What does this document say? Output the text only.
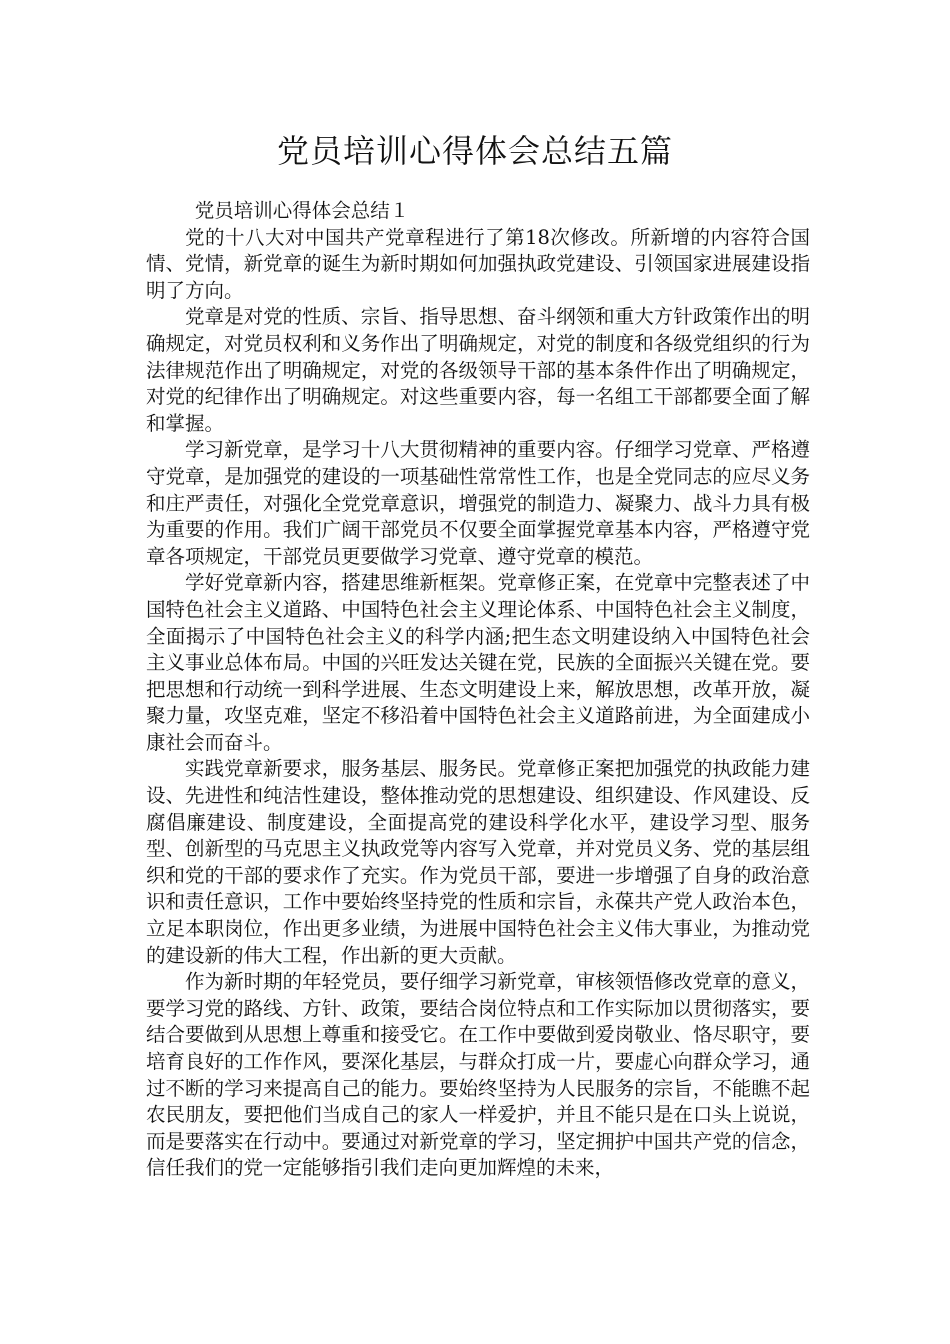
党员培训心得体会总结五篇
党员培训心得体会总结１

党的十八大对中国共产党章程进行了第18次修改。所新增的内容符合国情、党情，新党章的诞生为新时期如何加强执政党建设、引领国家进展建设指明了方向。

党章是对党的性质、宗旨、指导思想、奋斗纲领和重大方针政策作出的明确规定，对党员权利和义务作出了明确规定，对党的制度和各级党组织的行为法律规范作出了明确规定，对党的各级领导干部的基本条件作出了明确规定，对党的纪律作出了明确规定。对这些重要内容，每一名组工干部都要全面了解和掌握。

学习新党章，是学习十八大贯彻精神的重要内容。仔细学习党章、严格遵守党章，是加强党的建设的一项基础性常常性工作，也是全党同志的应尽义务和庄严责任，对强化全党党章意识，增强党的制造力、凝聚力、战斗力具有极为重要的作用。我们广阔干部党员不仅要全面掌握党章基本内容，严格遵守党章各项规定，干部党员更要做学习党章、遵守党章的模范。

学好党章新内容，搭建思维新框架。党章修正案，在党章中完整表述了中国特色社会主义道路、中国特色社会主义理论体系、中国特色社会主义制度，全面揭示了中国特色社会主义的科学内涵;把生态文明建设纳入中国特色社会主义事业总体布局。中国的兴旺发达关键在党，民族的全面振兴关键在党。要把思想和行动统一到科学进展、生态文明建设上来，解放思想，改革开放，凝聚力量，攻坚克难，坚定不移沿着中国特色社会主义道路前进，为全面建成小康社会而奋斗。

实践党章新要求，服务基层、服务民。党章修正案把加强党的执政能力建设、先进性和纯洁性建设，整体推动党的思想建设、组织建设、作风建设、反腐倡廉建设、制度建设，全面提高党的建设科学化水平，建设学习型、服务型、创新型的马克思主义执政党等内容写入党章，并对党员义务、党的基层组织和党的干部的要求作了充实。作为党员干部，要进一步增强了自身的政治意识和责任意识，工作中要始终坚持党的性质和宗旨，永葆共产党人政治本色，立足本职岗位，作出更多业绩，为进展中国特色社会主义伟大事业，为推动党的建设新的伟大工程，作出新的更大贡献。

作为新时期的年轻党员，要仔细学习新党章，审核领悟修改党章的意义，要学习党的路线、方针、政策，要结合岗位特点和工作实际加以贯彻落实，要结合要做到从思想上尊重和接受它。在工作中要做到爱岗敬业、恪尽职守，要培育良好的工作作风，要深化基层，与群众打成一片，要虚心向群众学习，通过不断的学习来提高自己的能力。要始终坚持为人民服务的宗旨，不能瞧不起农民朋友，要把他们当成自己的家人一样爱护，并且不能只是在口头上说说，而是要落实在行动中。要通过对新党章的学习，坚定拥护中国共产党的信念，信任我们的党一定能够指引我们走向更加辉煌的未来，
